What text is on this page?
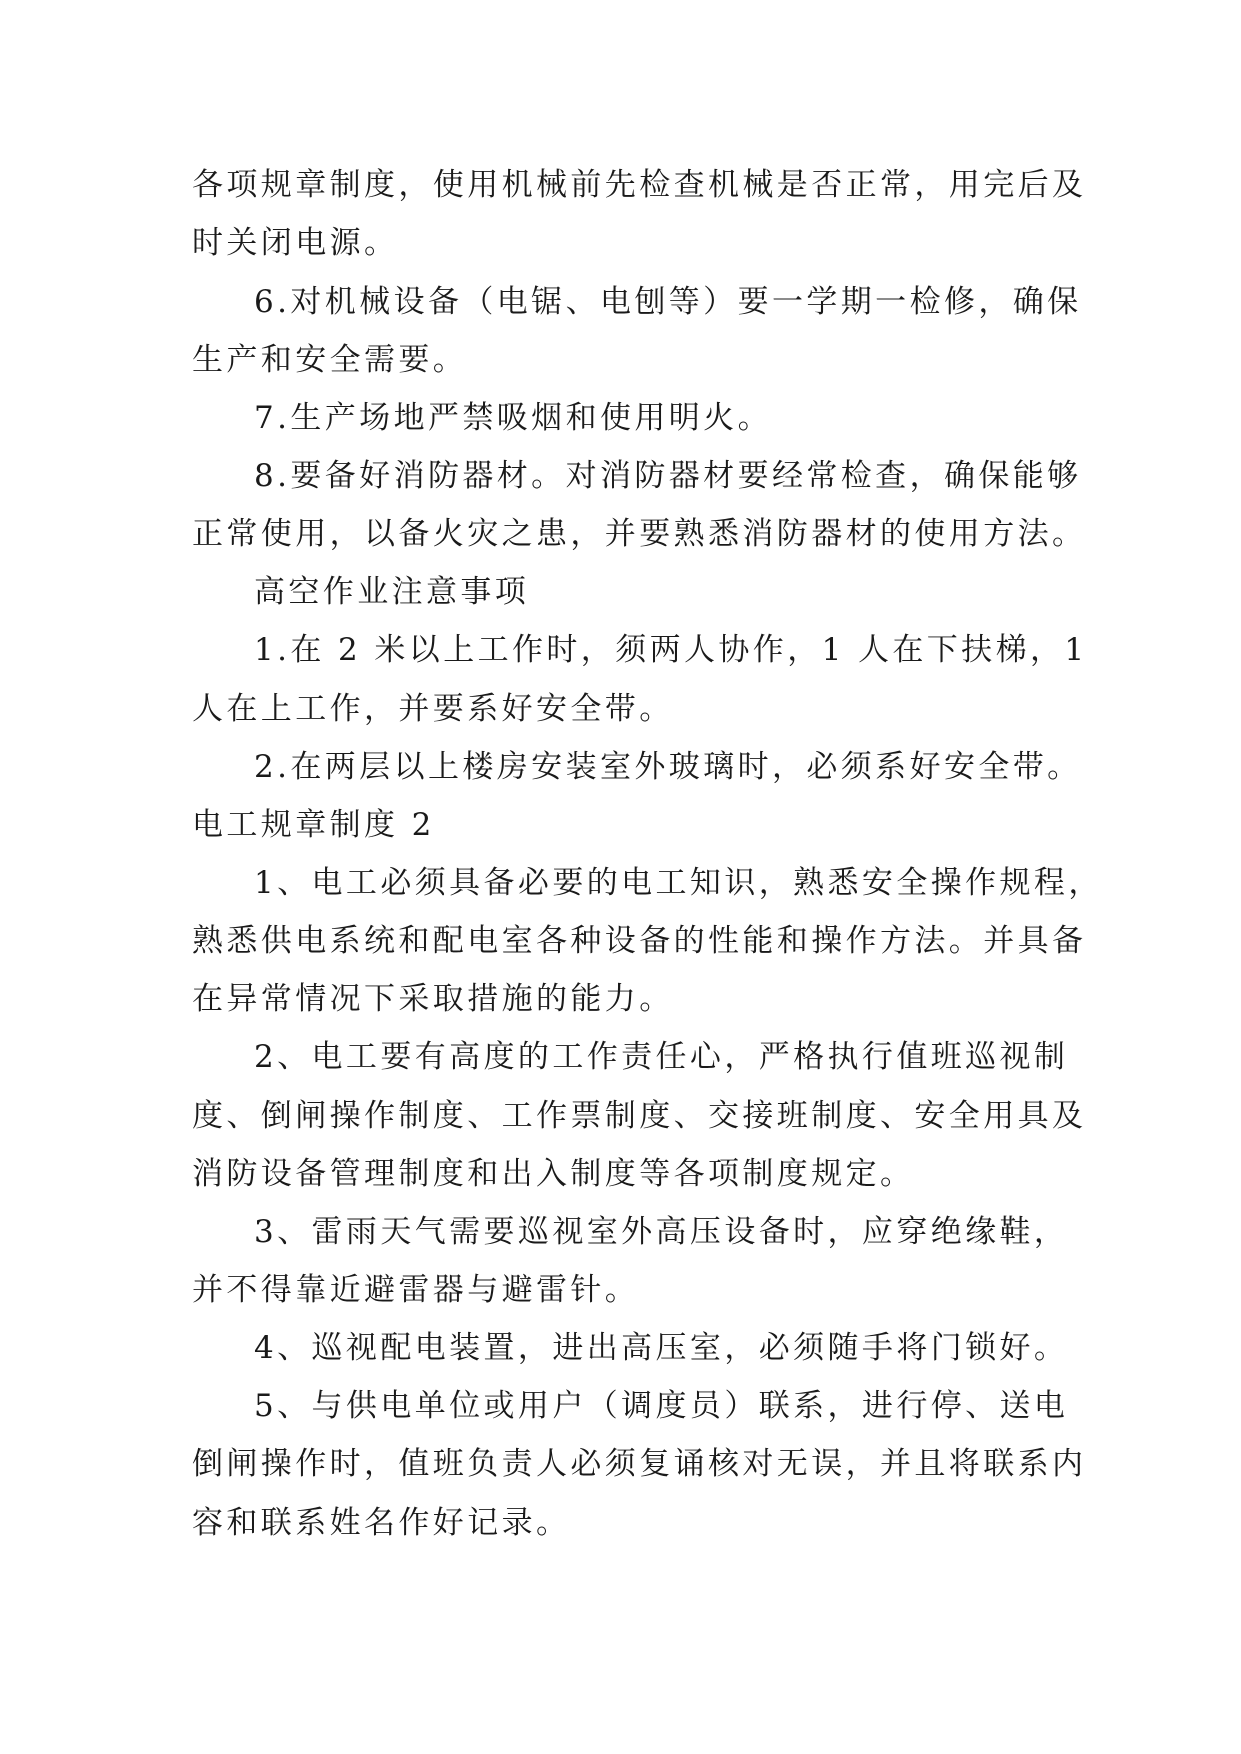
各项规章制度，使用机械前先检查机械是否正常，用完后及

时关闭电源。

6.对机械设备（电锯、电刨等）要一学期一检修，确保

生产和安全需要。

7.生产场地严禁吸烟和使用明火。

8.要备好消防器材。对消防器材要经常检查，确保能够

正常使用，以备火灾之患，并要熟悉消防器材的使用方法。

高空作业注意事项

1.在 2 米以上工作时，须两人协作，1 人在下扶梯，1

人在上工作，并要系好安全带。

2.在两层以上楼房安装室外玻璃时，必须系好安全带。

电工规章制度 2

1、电工必须具备必要的电工知识，熟悉安全操作规程，

熟悉供电系统和配电室各种设备的性能和操作方法。并具备

在异常情况下采取措施的能力。

2、电工要有高度的工作责任心，严格执行值班巡视制

度、倒闸操作制度、工作票制度、交接班制度、安全用具及

消防设备管理制度和出入制度等各项制度规定。

3、雷雨天气需要巡视室外高压设备时，应穿绝缘鞋，

并不得靠近避雷器与避雷针。

4、巡视配电装置，进出高压室，必须随手将门锁好。

5、与供电单位或用户（调度员）联系，进行停、送电

倒闸操作时，值班负责人必须复诵核对无误，并且将联系内

容和联系姓名作好记录。
